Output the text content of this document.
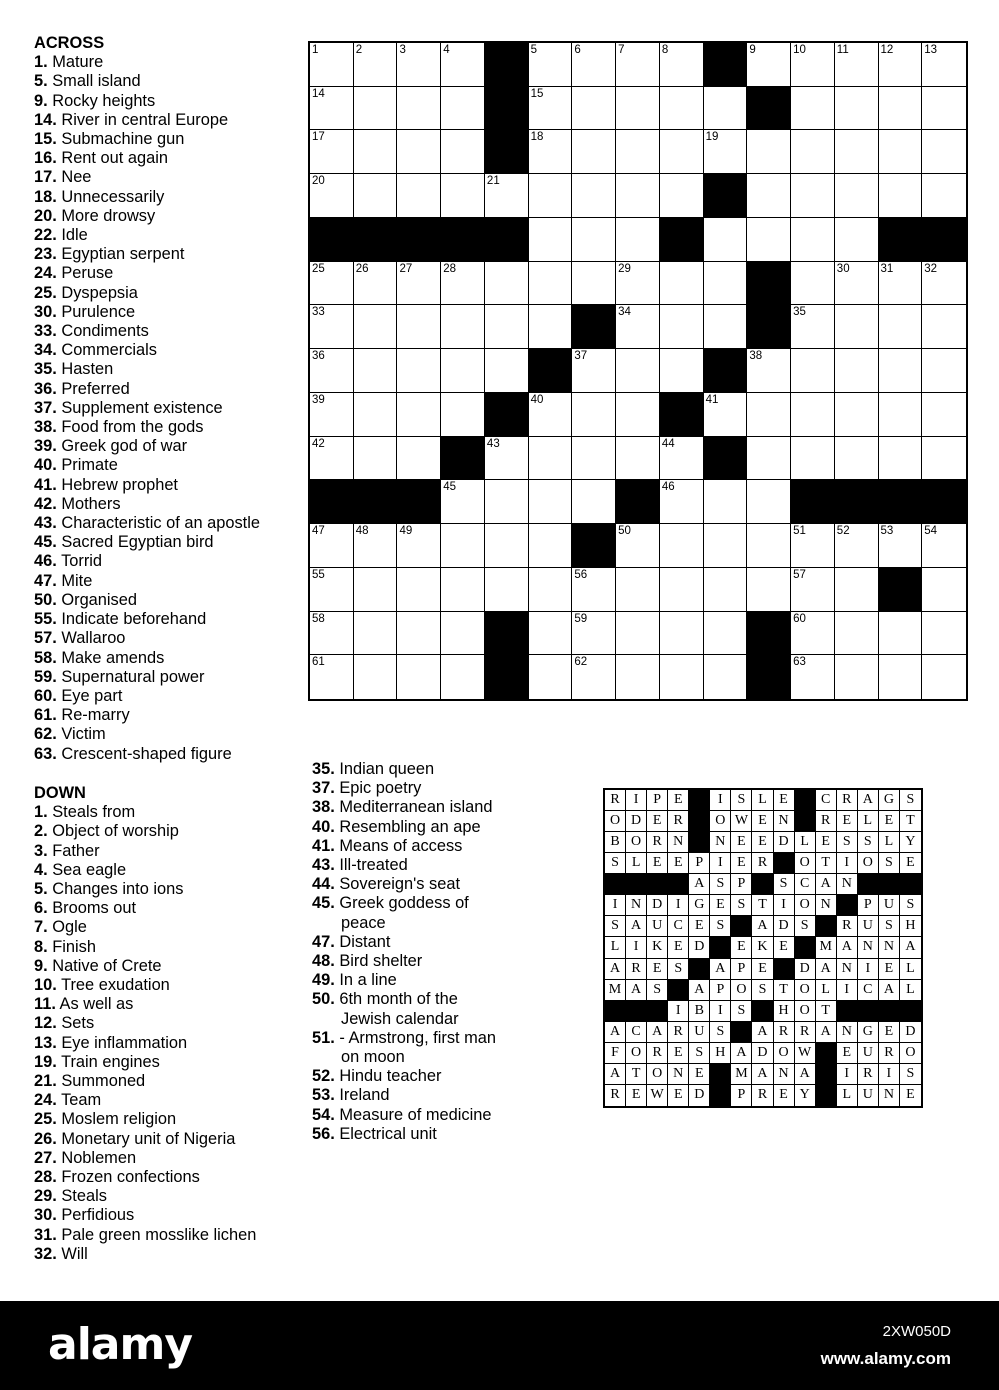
ACROSS
1. Mature
5. Small island
9. Rocky heights
14. River in central Europe
15. Submachine gun
16. Rent out again
17. Nee
18. Unnecessarily
20. More drowsy
22. Idle
23. Egyptian serpent
24. Peruse
25. Dyspepsia
30. Purulence
33. Condiments
34. Commercials
35. Hasten
36. Preferred
37. Supplement existence
38. Food from the gods
39. Greek god of war
40. Primate
41. Hebrew prophet
42. Mothers
43. Characteristic of an apostle
45. Sacred Egyptian bird
46. Torrid
47. Mite
50. Organised
55. Indicate beforehand
57. Wallaroo
58. Make amends
59. Supernatural power
60. Eye part
61. Re-marry
62. Victim
63. Crescent-shaped figure
DOWN
1. Steals from
2. Object of worship
3. Father
4. Sea eagle
5. Changes into ions
6. Brooms out
7. Ogle
8. Finish
9. Native of Crete
10. Tree exudation
11. As well as
12. Sets
13. Eye inflammation
19. Train engines
21. Summoned
24. Team
25. Moslem religion
26. Monetary unit of Nigeria
27. Noblemen
28. Frozen confections
29. Steals
30. Perfidious
31. Pale green mosslike lichen
32. Will
35. Indian queen
37. Epic poetry
38. Mediterranean island
40. Resembling an ape
41. Means of access
43. Ill-treated
44. Sovereign's seat
45. Greek goddess of peace
47. Distant
48. Bird shelter
49. In a line
50. 6th month of the Jewish calendar
51. - Armstrong, first man on moon
52. Hindu teacher
53. Ireland
54. Measure of medicine
56. Electrical unit
1	2	3	4	5	6	7	8	9	10	11	12	13
14	15	16
17	18	19
20	21	22
23	24
25	26	27	28	29	30	31	32
33	34	35
36	37	38
39	40	41
42	43	44
45	46
47	48	49	50	51	52	53	54
55	56	57
58	59	60
61	62	63
R	I	P E	I	S L E	C R A G S
O D E R	O W E N	R E L E T
B O R N	N E E D L E S S L Y
S L E E P	I	E R	O T	I O S E
A S P	S C A N
I N D I G E S T	I O N	P U S
S A U C E S	A D S	R U S H
L	I K E D	E K E	M A N N A
A R E S	A P E	D A N I	E L
M A S	A P O S T O L	I	C A L
I	B	I	S	H O T
A C A R U S	A R R A N G E D
F O R E S H A D O W	E U R O
A T O N E	M A N A	I	R	I	S
R E W E D	P R E Y	L U N E
alamy	2XW050D
www.alamy.com
